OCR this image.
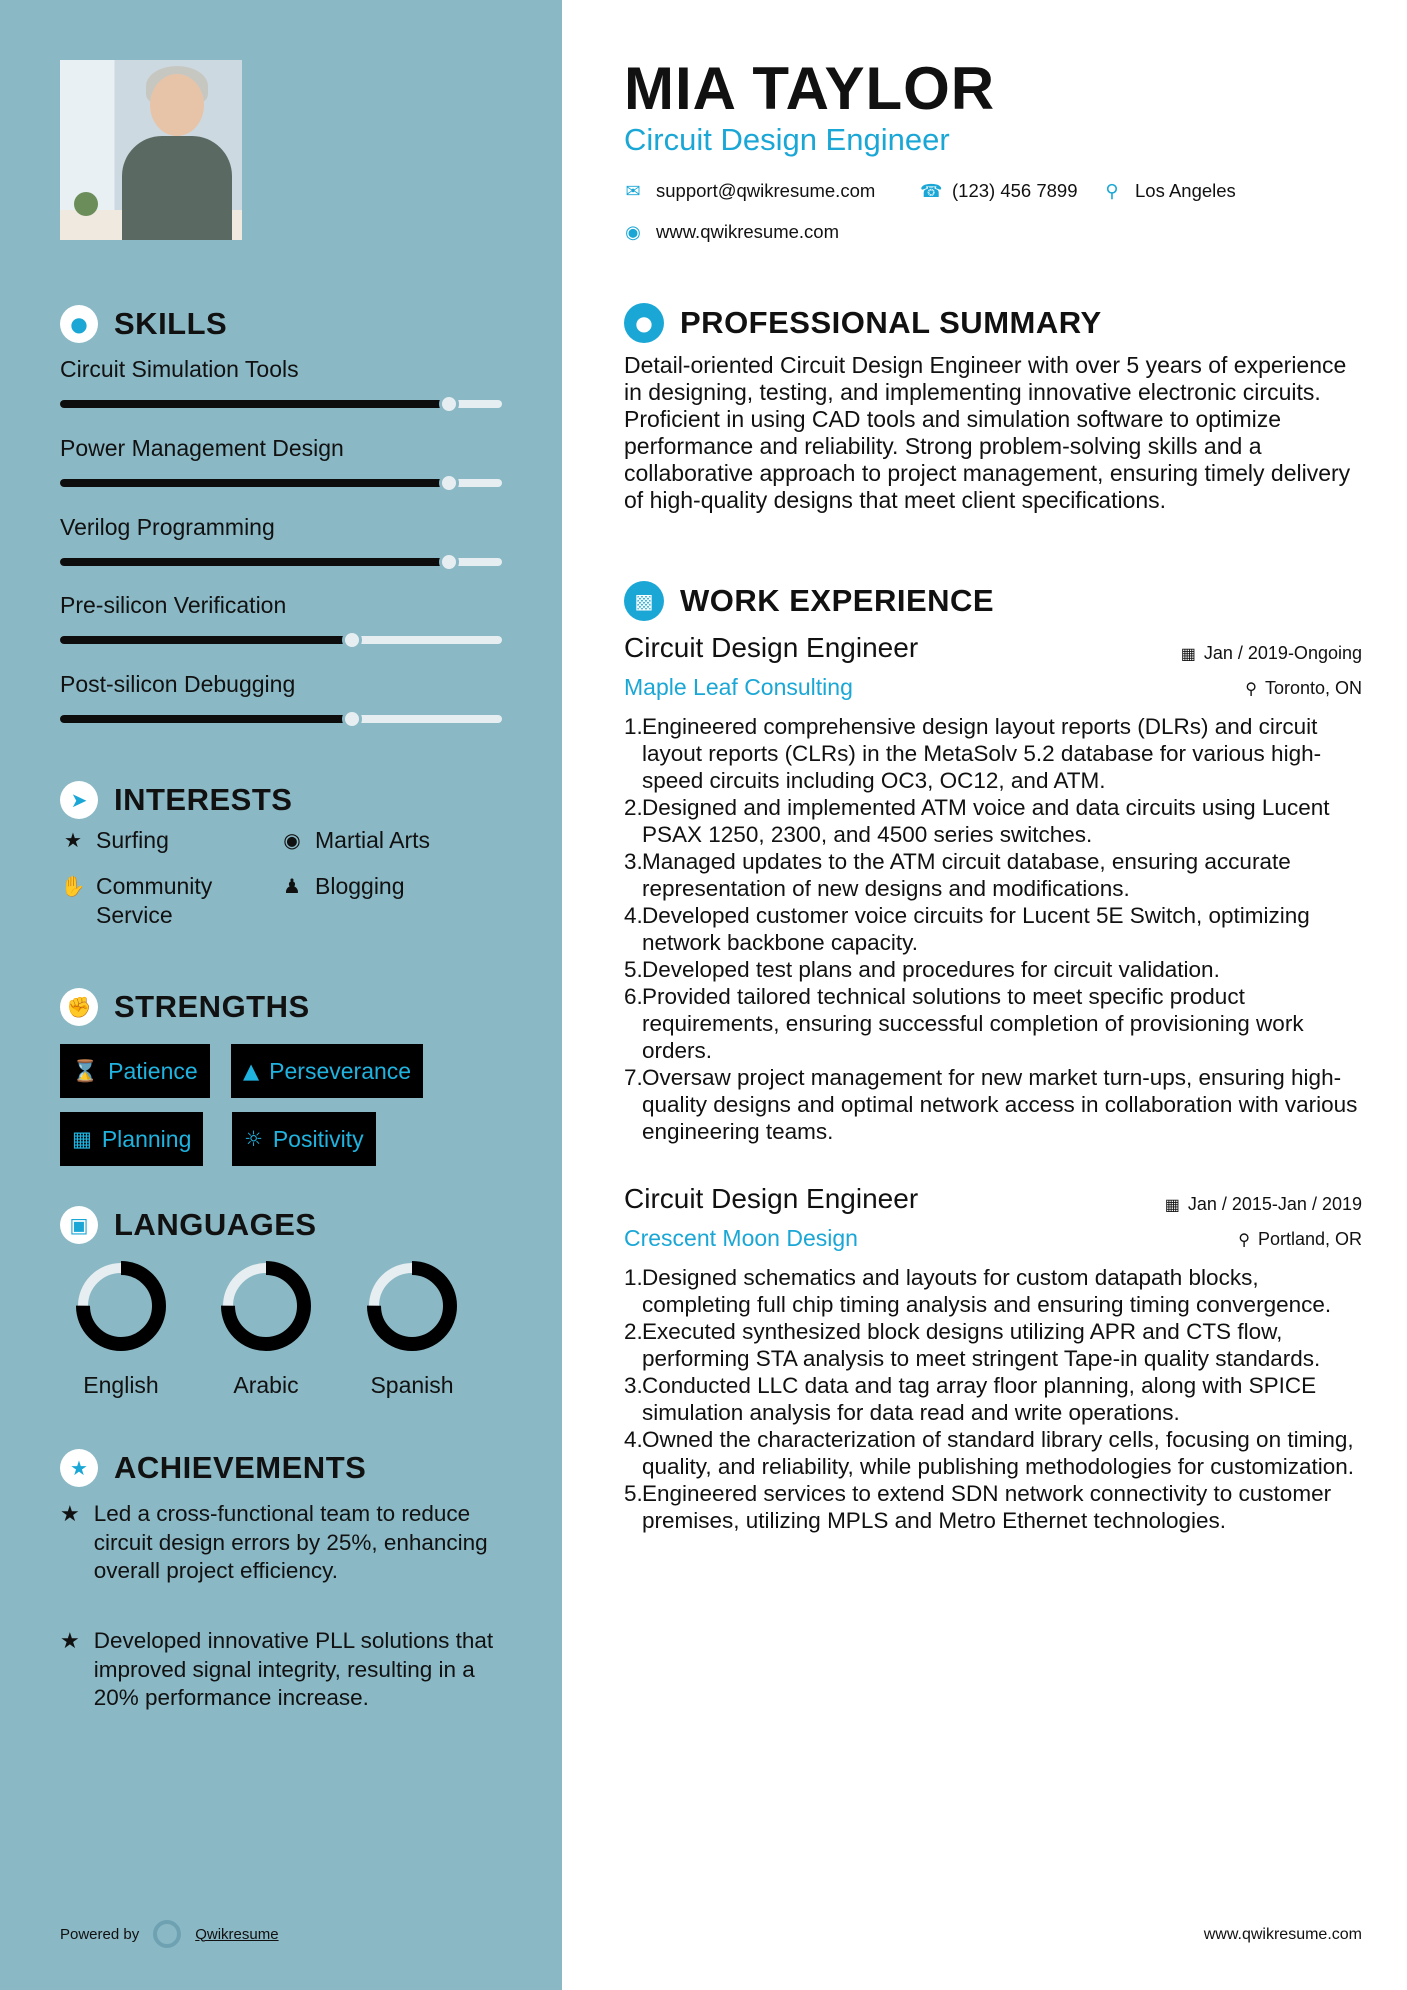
● SKILLS
Circuit Simulation Tools
Power Management Design
Verilog Programming
Pre-silicon Verification
Post-silicon Debugging
➤ INTERESTS
★ Surfing	◉ Martial Arts
✋ Community Service
♟ Blogging
✊ STRENGTHS
⌛ Patience ▲ Perseverance
▦ Planning	☼ Positivity
▣ LANGUAGES
English	Arabic	Spanish
★ ACHIEVEMENTS
★ Led a cross-functional team to reduce circuit design errors by 25%, enhancing overall project efficiency.
★ Developed innovative PLL solutions that improved signal integrity, resulting in a 20% performance increase.
Powered by	Qwikresume
MIA TAYLOR
Circuit Design Engineer
✉ support@qwikresume.com ☎ (123) 456 7899 ⚲ Los Angeles
◉ www.qwikresume.com
● PROFESSIONAL SUMMARY
Detail-oriented Circuit Design Engineer with over 5 years of experience in designing, testing, and implementing innovative electronic circuits. Proficient in using CAD tools and simulation software to optimize performance and reliability. Strong problem-solving skills and a collaborative approach to project management, ensuring timely delivery of high-quality designs that meet client specifications.
▩ WORK EXPERIENCE
Circuit Design Engineer	▦ Jan / 2019-Ongoing
Maple Leaf Consulting	⚲ Toronto, ON
1. Engineered comprehensive design layout reports (DLRs) and circuit layout reports (CLRs) in the MetaSolv 5.2 database for various high-speed circuits including OC3, OC12, and ATM.
2. Designed and implemented ATM voice and data circuits using Lucent PSAX 1250, 2300, and 4500 series switches.
3. Managed updates to the ATM circuit database, ensuring accurate representation of new designs and modifications.
4. Developed customer voice circuits for Lucent 5E Switch, optimizing network backbone capacity.
5. Developed test plans and procedures for circuit validation.
6. Provided tailored technical solutions to meet specific product requirements, ensuring successful completion of provisioning work orders.
7. Oversaw project management for new market turn-ups, ensuring high-quality designs and optimal network access in collaboration with various engineering teams.
Circuit Design Engineer	▦ Jan / 2015-Jan / 2019
Crescent Moon Design	⚲ Portland, OR
1. Designed schematics and layouts for custom datapath blocks, completing full chip timing analysis and ensuring timing convergence.
2. Executed synthesized block designs utilizing APR and CTS flow, performing STA analysis to meet stringent Tape-in quality standards.
3. Conducted LLC data and tag array floor planning, along with SPICE simulation analysis for data read and write operations.
4. Owned the characterization of standard library cells, focusing on timing, quality, and reliability, while publishing methodologies for customization.
5. Engineered services to extend SDN network connectivity to customer premises, utilizing MPLS and Metro Ethernet technologies.
www.qwikresume.com
